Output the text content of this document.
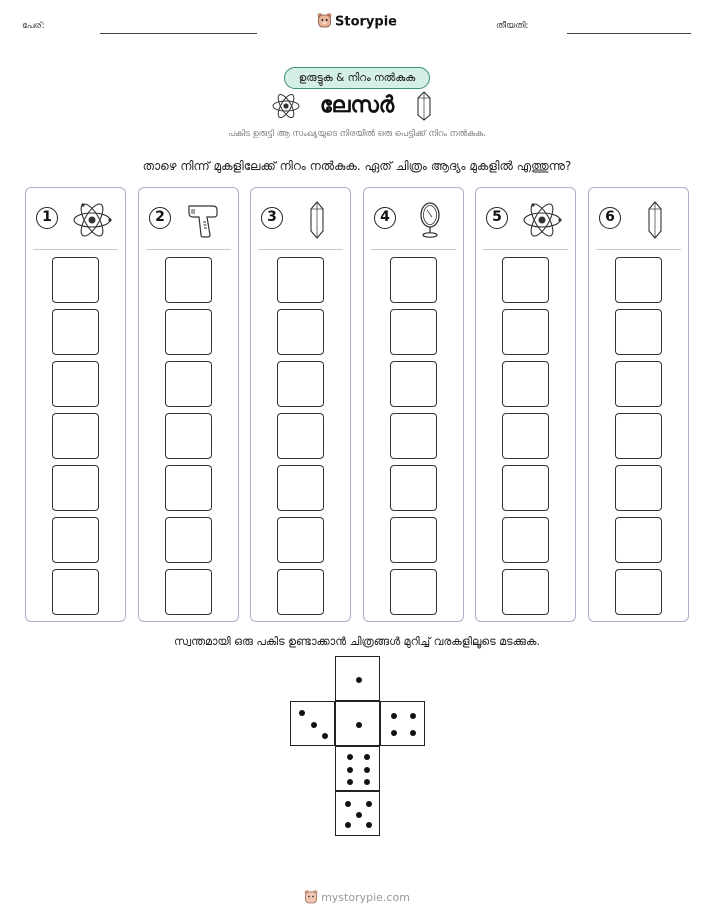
പേര്:	Storypie	തീയതി:
ഉരുട്ടുക & നിറം നൽകുക
ലേസർ
പകിട ഉരുട്ടി ആ സംഖ്യയുടെ നിരയിൽ ഒരു പെട്ടിക്ക് നിറം നൽകുക.
താഴെ നിന്ന് മുകളിലേക്ക് നിറം നൽകുക. ഏത് ചിത്രം ആദ്യം മുകളിൽ എത്തുന്നു?
1	2	3	4	5	6
സ്വന്തമായി ഒരു പകിട ഉണ്ടാക്കാൻ ചിത്രങ്ങൾ മുറിച്ച് വരകളിലൂടെ മടക്കുക.
mystorypie.com
